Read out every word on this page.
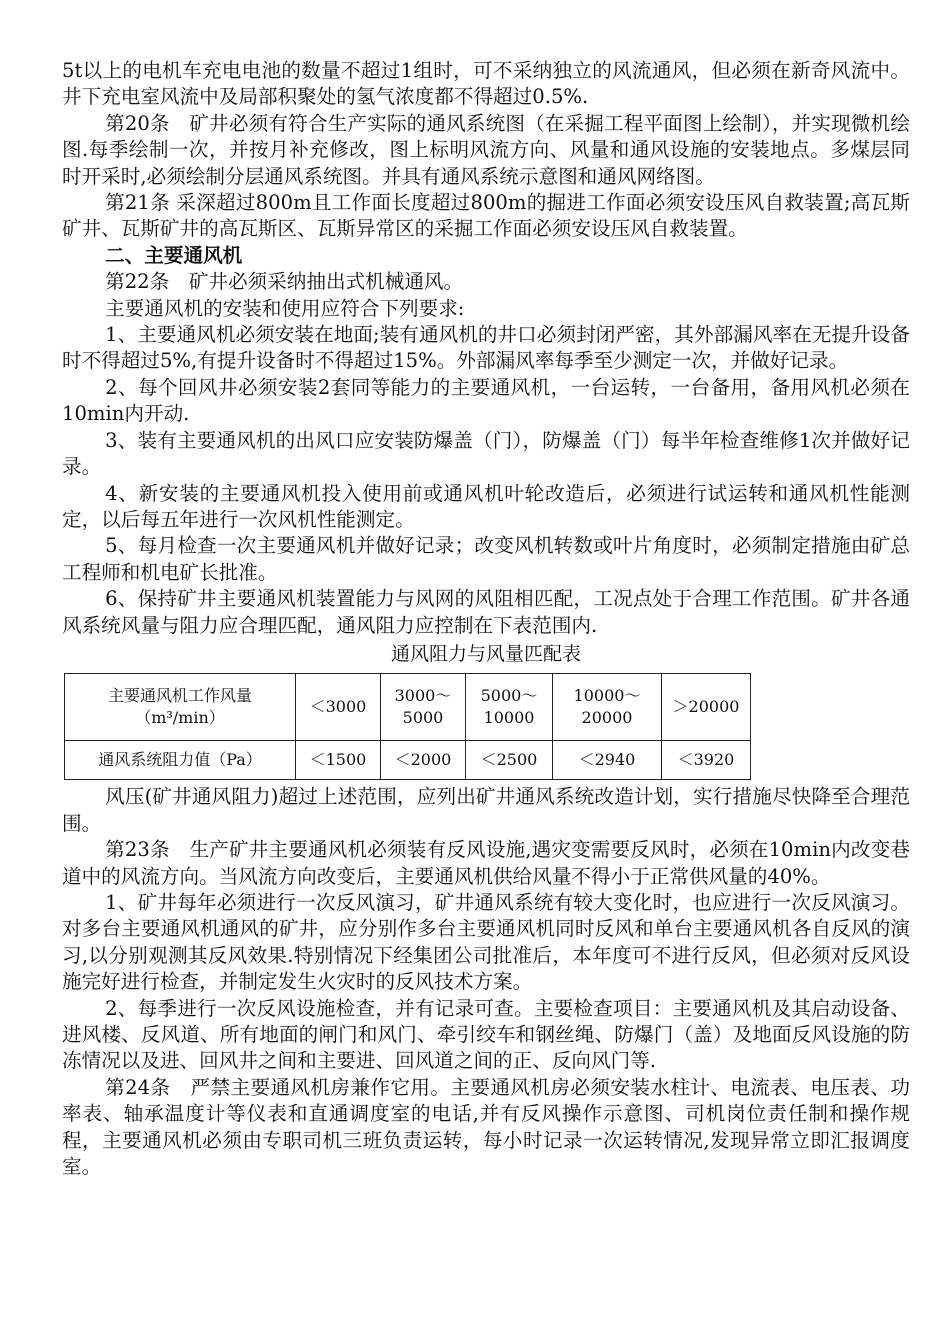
5t以上的电机车充电电池的数量不超过1组时，可不采纳独立的风流通风，但必须在新奇风流中。井下充电室风流中及局部积聚处的氢气浓度都不得超过0.5%.

第20条　矿井必须有符合生产实际的通风系统图（在采掘工程平面图上绘制），并实现微机绘图.每季绘制一次，并按月补充修改，图上标明风流方向、风量和通风设施的安装地点。多煤层同时开采时,必须绘制分层通风系统图。并具有通风系统示意图和通风网络图。

第21条 采深超过800m且工作面长度超过800m的掘进工作面必须安设压风自救装置;高瓦斯矿井、瓦斯矿井的高瓦斯区、瓦斯异常区的采掘工作面必须安设压风自救装置。

二、主要通风机

第22条　矿井必须采纳抽出式机械通风。

主要通风机的安装和使用应符合下列要求:

1、主要通风机必须安装在地面;装有通风机的井口必须封闭严密，其外部漏风率在无提升设备时不得超过5%,有提升设备时不得超过15%。外部漏风率每季至少测定一次，并做好记录。

2、每个回风井必须安装2套同等能力的主要通风机，一台运转，一台备用，备用风机必须在10min内开动.

3、装有主要通风机的出风口应安装防爆盖（门），防爆盖（门）每半年检查维修1次并做好记录。

4、新安装的主要通风机投入使用前或通风机叶轮改造后，必须进行试运转和通风机性能测定，以后每五年进行一次风机性能测定。

5、每月检查一次主要通风机并做好记录；改变风机转数或叶片角度时，必须制定措施由矿总工程师和机电矿长批准。

6、保持矿井主要通风机装置能力与风网的风阻相匹配，工况点处于合理工作范围。矿井各通风系统风量与阻力应合理匹配，通风阻力应控制在下表范围内.

通风阻力与风量匹配表

主要通风机工作风量
（m³/min）	＜3000	3000～5000	5000～10000	10000～20000	＞20000
通风系统阻力值（Pa）	＜1500	＜2000	＜2500	＜2940	＜3920

风压(矿井通风阻力)超过上述范围，应列出矿井通风系统改造计划，实行措施尽快降至合理范围。

第23条　生产矿井主要通风机必须装有反风设施,遇灾变需要反风时，必须在10min内改变巷道中的风流方向。当风流方向改变后，主要通风机供给风量不得小于正常供风量的40%。

1、矿井每年必须进行一次反风演习，矿井通风系统有较大变化时，也应进行一次反风演习。对多台主要通风机通风的矿井，应分别作多台主要通风机同时反风和单台主要通风机各自反风的演习,以分别观测其反风效果.特别情况下经集团公司批准后，本年度可不进行反风，但必须对反风设施完好进行检查，并制定发生火灾时的反风技术方案。

2、每季进行一次反风设施检查，并有记录可查。主要检查项目：主要通风机及其启动设备、进风楼、反风道、所有地面的闸门和风门、牵引绞车和钢丝绳、防爆门（盖）及地面反风设施的防冻情况以及进、回风井之间和主要进、回风道之间的正、反向风门等.

第24条　严禁主要通风机房兼作它用。主要通风机房必须安装水柱计、电流表、电压表、功率表、轴承温度计等仪表和直通调度室的电话,并有反风操作示意图、司机岗位责任制和操作规程，主要通风机必须由专职司机三班负责运转，每小时记录一次运转情况,发现异常立即汇报调度室。
